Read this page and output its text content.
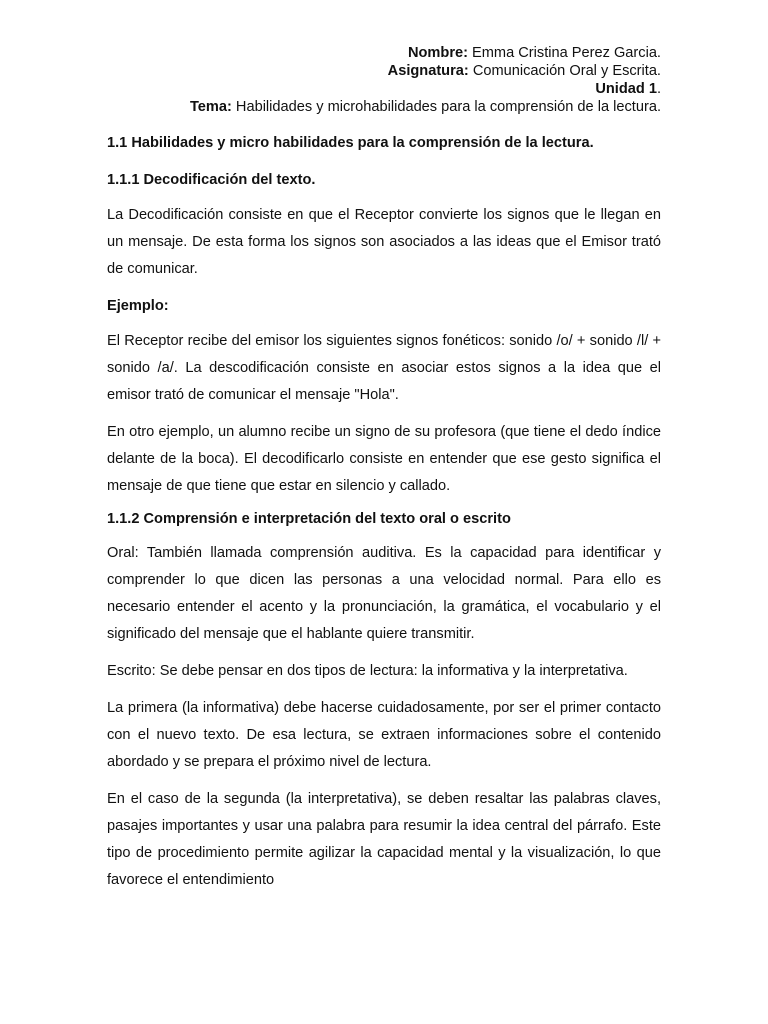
Nombre: Emma Cristina Perez Garcia.

Asignatura: Comunicación Oral y Escrita.

Unidad 1.

Tema: Habilidades y microhabilidades para la comprensión de la lectura.

1.1 Habilidades y micro habilidades para la comprensión de la lectura.

1.1.1 Decodificación del texto.

La Decodificación consiste en que el Receptor convierte los signos que le llegan en un mensaje. De esta forma los signos son asociados a las ideas que el Emisor trató de comunicar.

Ejemplo:

El Receptor recibe del emisor los siguientes signos fonéticos: sonido /o/ + sonido /l/ + sonido /a/. La descodificación consiste en asociar estos signos a la idea que el emisor trató de comunicar el mensaje "Hola".

En otro ejemplo, un alumno recibe un signo de su profesora (que tiene el dedo índice delante de la boca). El decodificarlo consiste en entender que ese gesto significa el mensaje de que tiene que estar en silencio y callado.

1.1.2 Comprensión e interpretación del texto oral o escrito

Oral: También llamada comprensión auditiva. Es la capacidad para identificar y comprender lo que dicen las personas a una velocidad normal. Para ello es necesario entender el acento y la pronunciación, la gramática, el vocabulario y el significado del mensaje que el hablante quiere transmitir.

Escrito: Se debe pensar en dos tipos de lectura: la informativa y la interpretativa.

La primera (la informativa) debe hacerse cuidadosamente, por ser el primer contacto con el nuevo texto. De esa lectura, se extraen informaciones sobre el contenido abordado y se prepara el próximo nivel de lectura.

En el caso de la segunda (la interpretativa), se deben resaltar las palabras claves, pasajes importantes y usar una palabra para resumir la idea central del párrafo. Este tipo de procedimiento permite agilizar la capacidad mental y la visualización, lo que favorece el entendimiento
